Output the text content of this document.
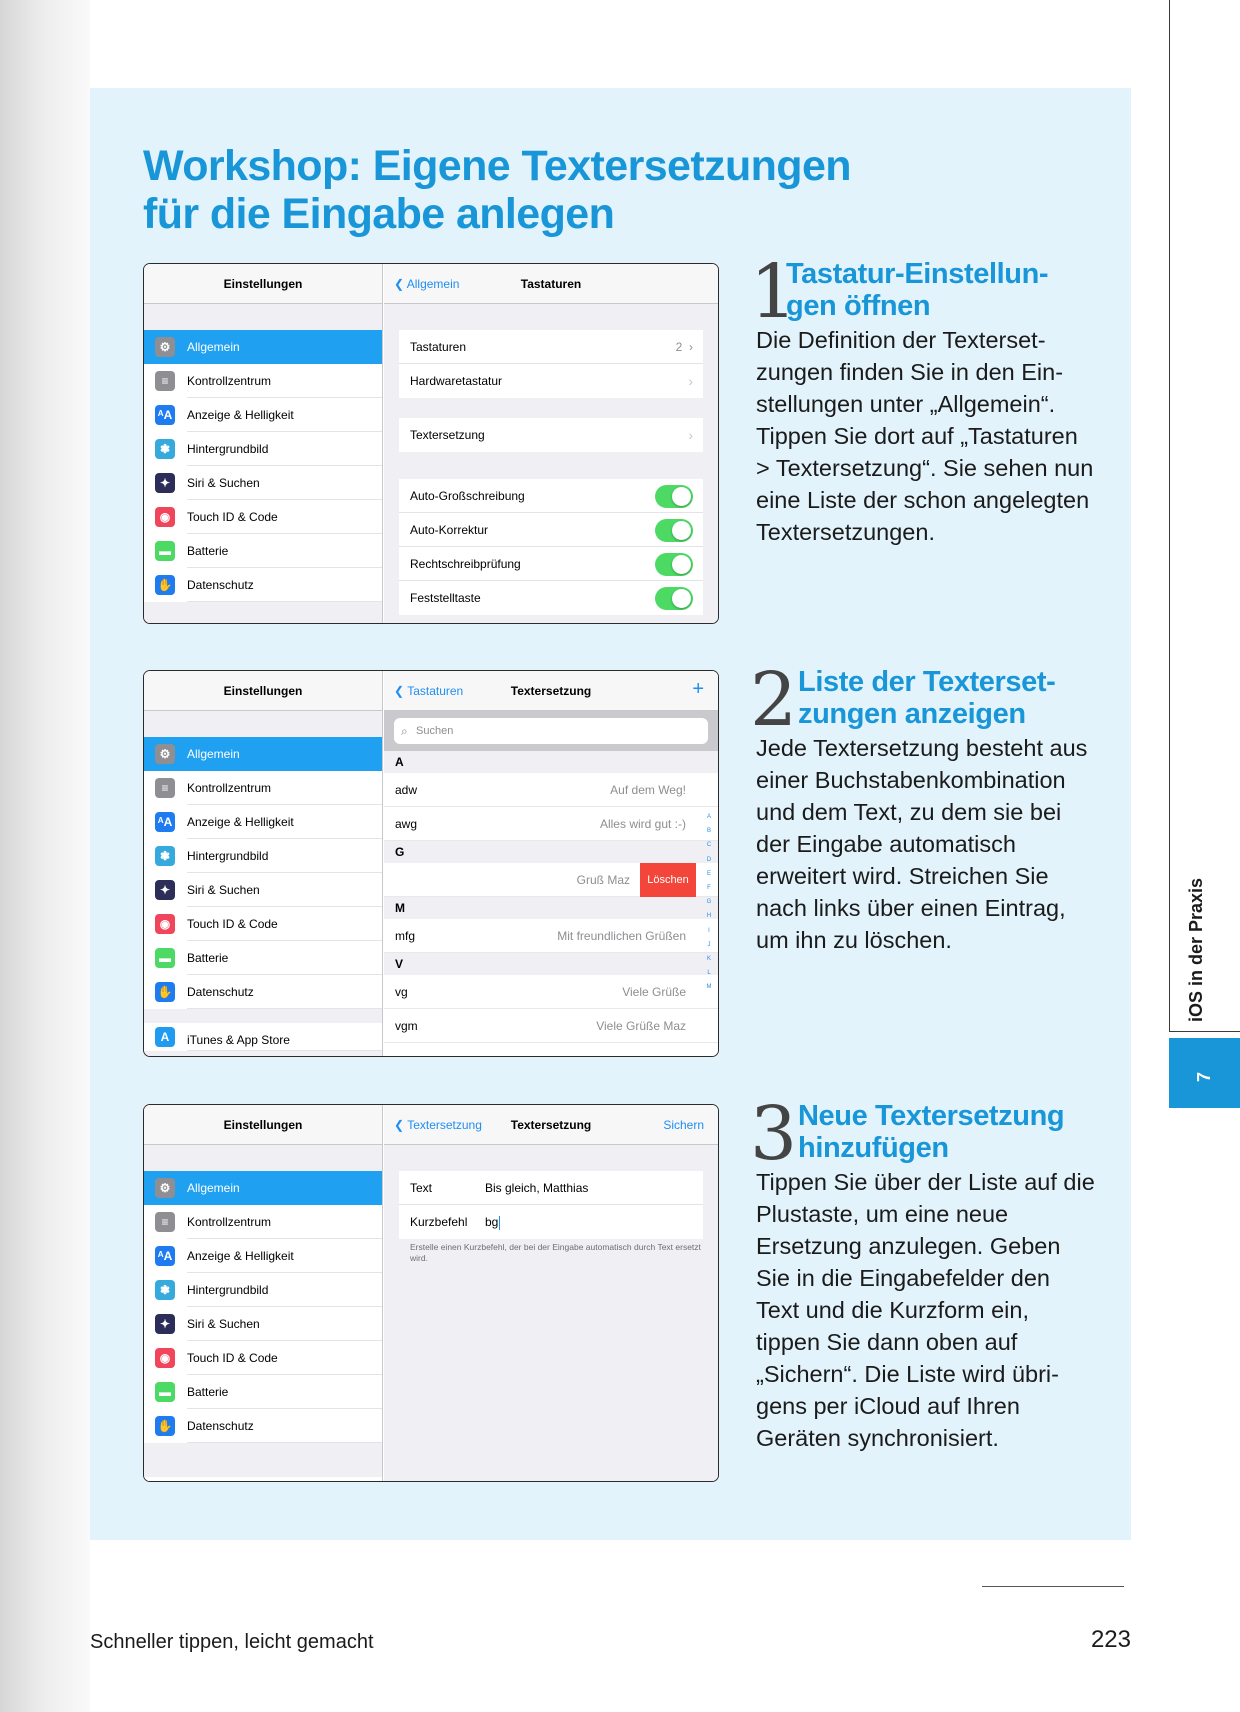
Workshop: Eigene Textersetzungen
für die Eingabe anlegen
Einstellungen
⚙	Allgemein
≡	Kontrollzentrum
ᴬA Anzeige & Helligkeit
❃	Hintergrundbild
✦	Siri & Suchen
◉	Touch ID & Code
▬	Batterie
✋ Datenschutz
Tastaturen
❮ Allgemein
Tastaturen	2  ›
Hardwaretastatur	›
Textersetzung	›
Auto-Großschreibung
Auto-Korrektur
Rechtschreibprüfung
Feststelltaste
Einstellungen
⚙	Allgemein
≡	Kontrollzentrum
ᴬA Anzeige & Helligkeit
❃	Hintergrundbild
✦	Siri & Suchen
◉	Touch ID & Code
▬	Batterie
✋ Datenschutz
A	iTunes & App Store
Textersetzung
❮ Tastaturen	+
⌕ Suchen
A
adw	Auf dem Weg!
awg	Alles wird gut :-)
G
Gruß Maz	Löschen
M
mfg	Mit freundlichen Grüßen
V
vg	Viele Grüße
vgm	Viele Grüße Maz
A
B
C
D
E
F
G
H
I
J
K
L
M
Einstellungen
⚙	Allgemein
≡	Kontrollzentrum
ᴬA Anzeige & Helligkeit
❃	Hintergrundbild
✦	Siri & Suchen
◉	Touch ID & Code
▬	Batterie
✋ Datenschutz
Textersetzung
❮ Textersetzung	Sichern
Text	Bis gleich, Matthias
Kurzbefehl bg
Erstelle einen Kurzbefehl, der bei der Eingabe automatisch durch Text ersetzt wird.
1
Tastatur-Einstellun-gen öffnen
Die Definition der Textersetzungen finden Sie in den Einstellungen unter „Allgemein“. Tippen Sie dort auf „Tastaturen > Textersetzung“. Sie sehen nun eine Liste der schon angelegten Textersetzungen.
2 Liste der Texterset-zungen anzeigen
Jede Textersetzung besteht aus einer Buchstabenkombination und dem Text, zu dem sie bei der Eingabe automatisch erweitert wird. Streichen Sie nach links über einen Eintrag, um ihn zu löschen.
3 Neue Textersetzung hinzufügen
Tippen Sie über der Liste auf die Plustaste, um eine neue Ersetzung anzulegen. Geben Sie in die Eingabefelder den Text und die Kurzform ein, tippen Sie dann oben auf „Sichern“. Die Liste wird übrigens per iCloud auf Ihren Geräten synchronisiert.
iOS in der Praxis
7
Schneller tippen, leicht gemacht	223
